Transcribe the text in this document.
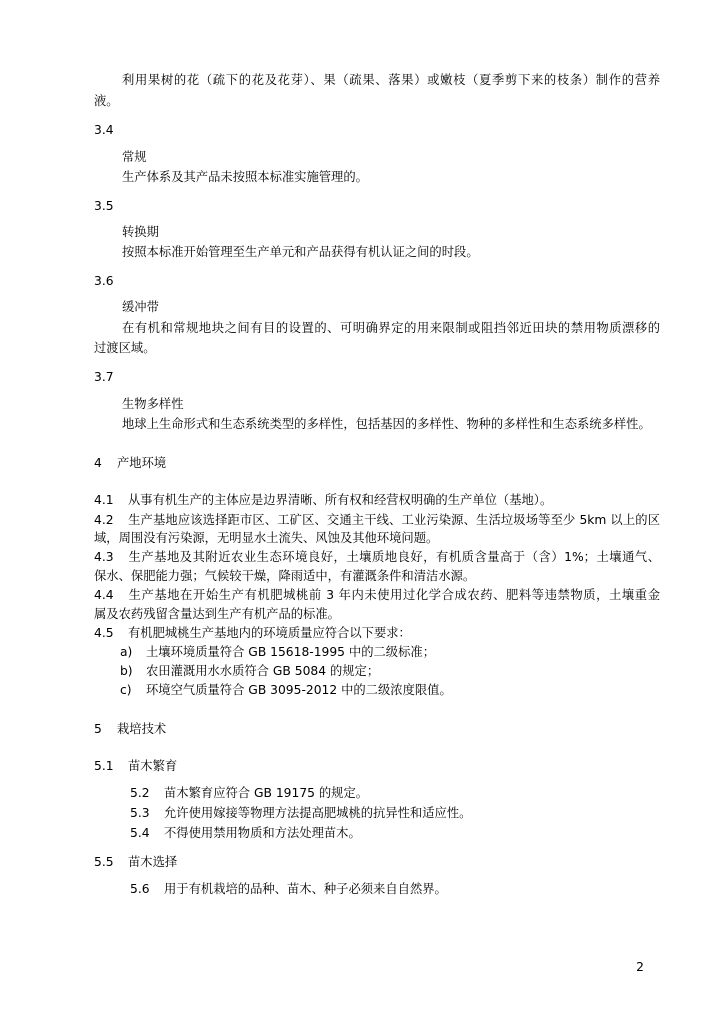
利用果树的花（疏下的花及花芽）、果（疏果、落果）或嫩枝（夏季剪下来的枝条）制作的营养
液。
3.4
常规
生产体系及其产品未按照本标准实施管理的。
3.5
转换期
按照本标准开始管理至生产单元和产品获得有机认证之间的时段。
3.6
缓冲带
在有机和常规地块之间有目的设置的、可明确界定的用来限制或阻挡邻近田块的禁用物质漂移的
过渡区域。
3.7
生物多样性
地球上生命形式和生态系统类型的多样性，包括基因的多样性、物种的多样性和生态系统多样性。
4 产地环境
4.1 从事有机生产的主体应是边界清晰、所有权和经营权明确的生产单位（基地）。
4.2 生产基地应该选择距市区、工矿区、交通主干线、工业污染源、生活垃圾场等至少 5km 以上的区
域，周围没有污染源，无明显水土流失、风蚀及其他环境问题。
4.3 生产基地及其附近农业生态环境良好，土壤质地良好，有机质含量高于（含）1%；土壤通气、
保水、保肥能力强；气候较干燥，降雨适中，有灌溉条件和清洁水源。
4.4 生产基地在开始生产有机肥城桃前 3 年内未使用过化学合成农药、肥料等违禁物质，土壤重金
属及农药残留含量达到生产有机产品的标准。
4.5 有机肥城桃生产基地内的环境质量应符合以下要求：
a) 土壤环境质量符合 GB 15618-1995 中的二级标准；
b) 农田灌溉用水水质符合 GB 5084 的规定；
c) 环境空气质量符合 GB 3095-2012 中的二级浓度限值。
5 栽培技术
5.1 苗木繁育
5.2 苗木繁育应符合 GB 19175 的规定。
5.3 允许使用嫁接等物理方法提高肥城桃的抗异性和适应性。
5.4 不得使用禁用物质和方法处理苗木。
5.5 苗木选择
5.6 用于有机栽培的品种、苗木、种子必须来自自然界。
2
